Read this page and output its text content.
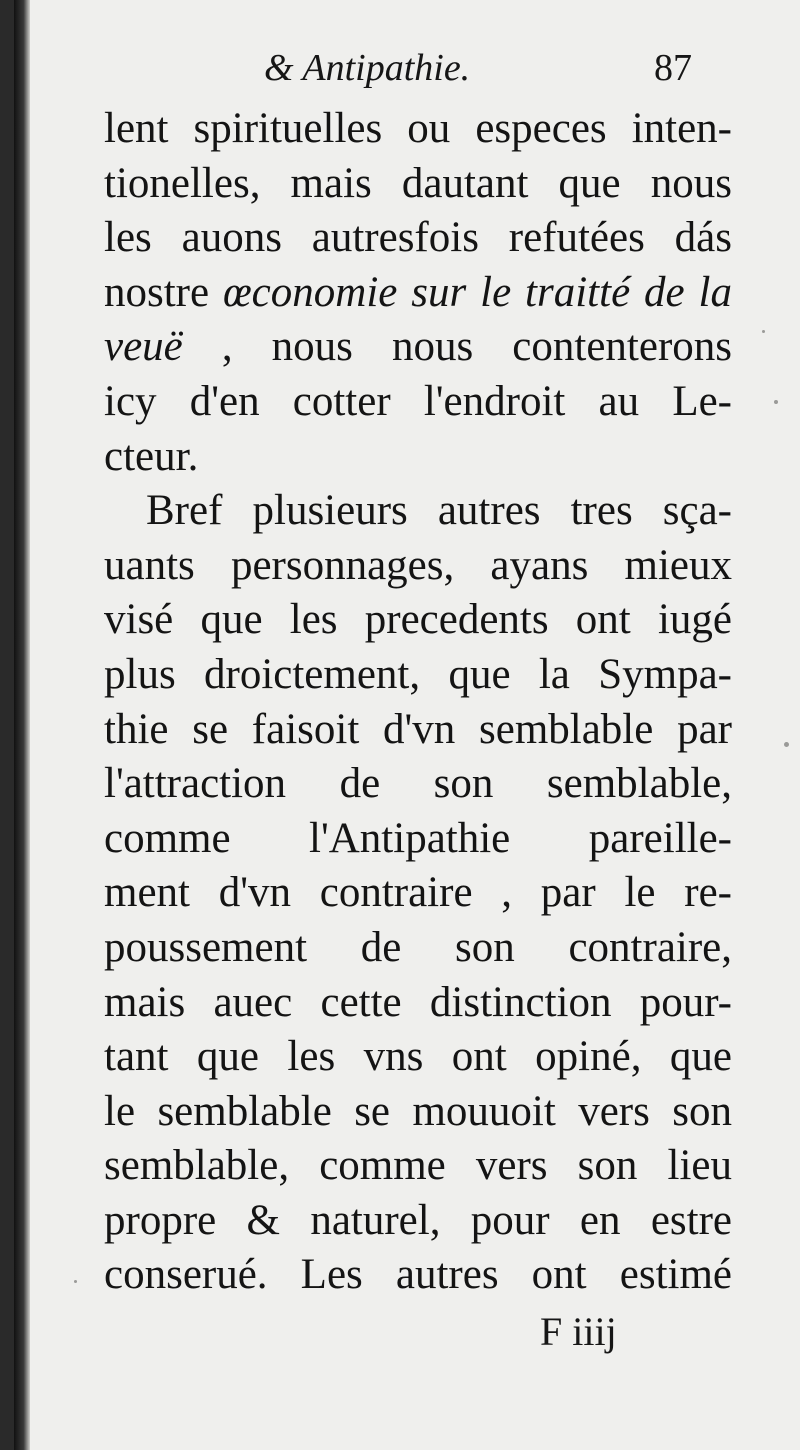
& Antipathie.	87
lent spirituelles ou especes inten-
tionelles, mais dautant que nous
les auons autresfois refutées dás
nostre œconomie sur le traitté de la
veuë , nous nous contenterons
icy d'en cotter l'endroit au Le-
cteur.
Bref plusieurs autres tres sça-
uants personnages, ayans mieux
visé que les precedents ont iugé
plus droictement, que la Sympa-
thie se faisoit d'vn semblable par
l'attraction de son semblable,
comme l'Antipathie pareille-
ment d'vn contraire , par le re-
poussement de son contraire,
mais auec cette distinction pour-
tant que les vns ont opiné, que
le semblable se mouuoit vers son
semblable, comme vers son lieu
propre & naturel, pour en estre
conserué. Les autres ont estimé
F iiij
